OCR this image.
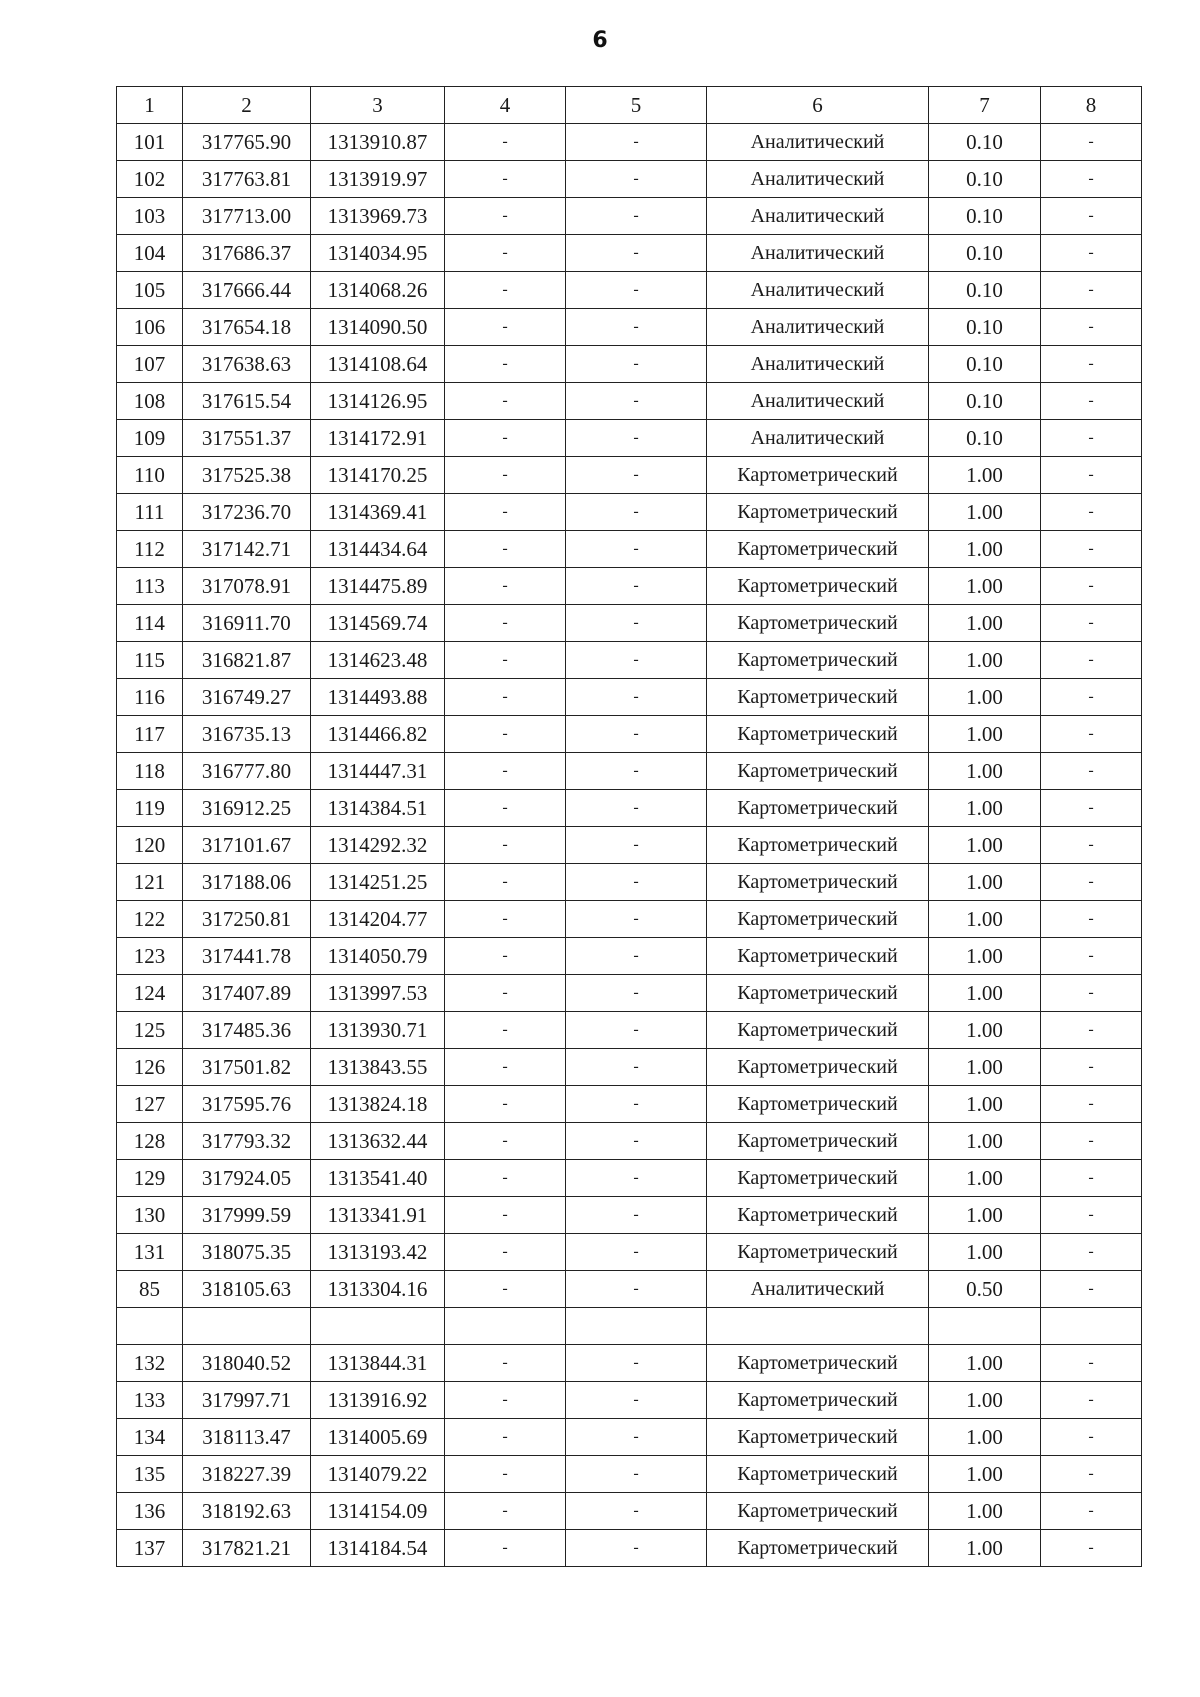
6
1	2	3	4	5	6	7	8
101	317765.90	1313910.87	-	-	Аналитический	0.10	-
102	317763.81	1313919.97	-	-	Аналитический	0.10	-
103	317713.00	1313969.73	-	-	Аналитический	0.10	-
104	317686.37	1314034.95	-	-	Аналитический	0.10	-
105	317666.44	1314068.26	-	-	Аналитический	0.10	-
106	317654.18	1314090.50	-	-	Аналитический	0.10	-
107	317638.63	1314108.64	-	-	Аналитический	0.10	-
108	317615.54	1314126.95	-	-	Аналитический	0.10	-
109	317551.37	1314172.91	-	-	Аналитический	0.10	-
110	317525.38	1314170.25	-	-	Картометрический	1.00	-
111	317236.70	1314369.41	-	-	Картометрический	1.00	-
112	317142.71	1314434.64	-	-	Картометрический	1.00	-
113	317078.91	1314475.89	-	-	Картометрический	1.00	-
114	316911.70	1314569.74	-	-	Картометрический	1.00	-
115	316821.87	1314623.48	-	-	Картометрический	1.00	-
116	316749.27	1314493.88	-	-	Картометрический	1.00	-
117	316735.13	1314466.82	-	-	Картометрический	1.00	-
118	316777.80	1314447.31	-	-	Картометрический	1.00	-
119	316912.25	1314384.51	-	-	Картометрический	1.00	-
120	317101.67	1314292.32	-	-	Картометрический	1.00	-
121	317188.06	1314251.25	-	-	Картометрический	1.00	-
122	317250.81	1314204.77	-	-	Картометрический	1.00	-
123	317441.78	1314050.79	-	-	Картометрический	1.00	-
124	317407.89	1313997.53	-	-	Картометрический	1.00	-
125	317485.36	1313930.71	-	-	Картометрический	1.00	-
126	317501.82	1313843.55	-	-	Картометрический	1.00	-
127	317595.76	1313824.18	-	-	Картометрический	1.00	-
128	317793.32	1313632.44	-	-	Картометрический	1.00	-
129	317924.05	1313541.40	-	-	Картометрический	1.00	-
130	317999.59	1313341.91	-	-	Картометрический	1.00	-
131	318075.35	1313193.42	-	-	Картометрический	1.00	-
85	318105.63	1313304.16	-	-	Аналитический	0.50	-

132	318040.52	1313844.31	-	-	Картометрический	1.00	-
133	317997.71	1313916.92	-	-	Картометрический	1.00	-
134	318113.47	1314005.69	-	-	Картометрический	1.00	-
135	318227.39	1314079.22	-	-	Картометрический	1.00	-
136	318192.63	1314154.09	-	-	Картометрический	1.00	-
137	317821.21	1314184.54	-	-	Картометрический	1.00	-
